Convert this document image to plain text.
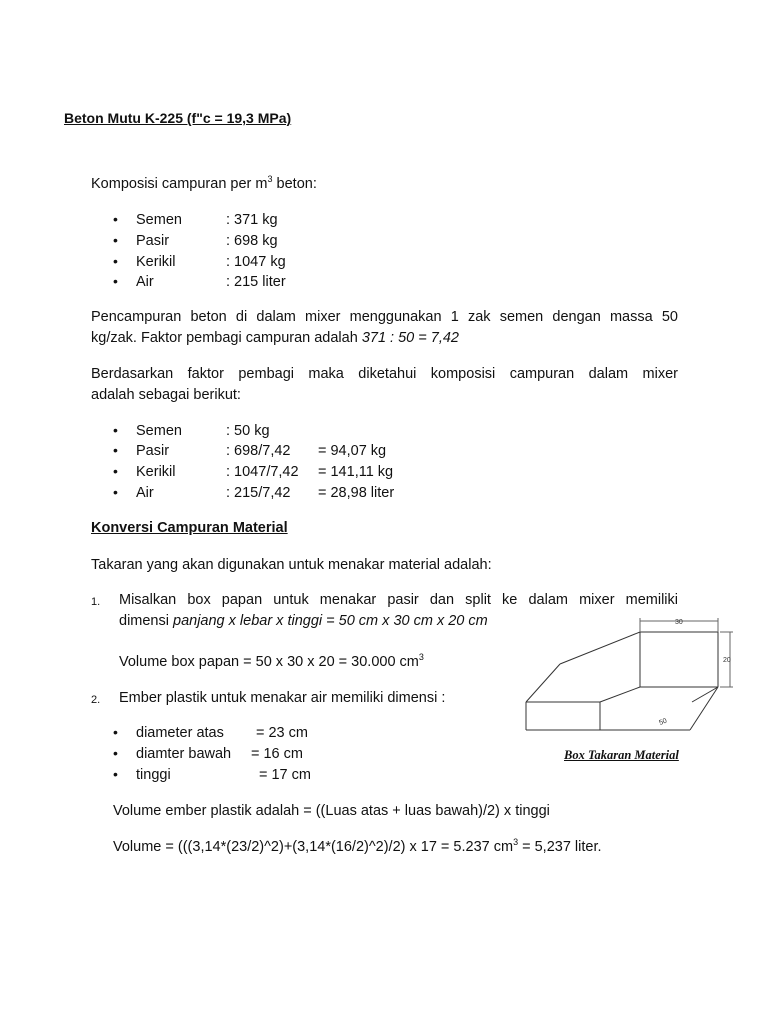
Beton Mutu K-225 (f"c = 19,3 MPa)
Komposisi campuran per $m^3$ beton:
• Semen	: 371 kg
• Pasir	: 698 kg
• Kerikil	: 1047 kg
• Air	: 215 liter
Pencampuran beton di dalam mixer menggunakan 1 zak semen dengan massa 50
kg/zak. Faktor pembagi campuran adalah 371 : 50 = 7,42
Berdasarkan faktor pembagi maka diketahui komposisi campuran dalam mixer
adalah sebagai berikut:
• Semen	: 50 kg
• Pasir	: 698/7,42 = 94,07 kg
• Kerikil	: 1047/7,42 = 141,11 kg
• Air	: 215/7,42 = 28,98 liter
Konversi Campuran Material
Takaran yang akan digunakan untuk menakar material adalah:
1. Misalkan box papan untuk menakar pasir dan split ke dalam mixer memiliki
dimensi panjang x lebar x tinggi = 50 cm x 30 cm x 20 cm
Volume box papan = 50 x 30 x 20 = 30.000 $cm^3$
2. Ember plastik untuk menakar air memiliki dimensi :
• diameter atas = 23 cm
• diamter bawah = 16 cm
• tinggi	= 17 cm
Volume ember plastik adalah = ((Luas atas + luas bawah)/2) x tinggi
Volume = (((3,14*(23/2)^2)+(3,14*(16/2)^2)/2) x 17 = 5.237 $cm^3 = 5,237$ liter.
30
20
50
Box Takaran Material
